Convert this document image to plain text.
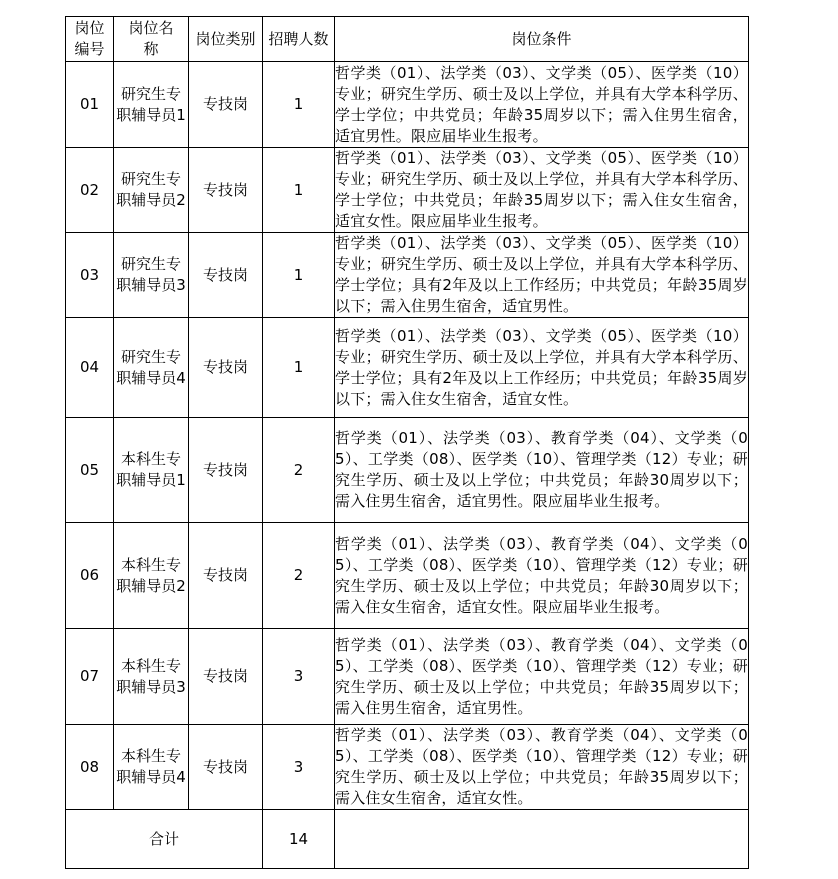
岗位编号	岗位名称	岗位类别	招聘人数	岗位条件
01	研究生专职辅导员1	专技岗	1	哲学类（01）、法学类（03）、文学类（05）、医学类（10）专业；研究生学历、硕士及以上学位，并具有大学本科学历、学士学位；中共党员；年龄35周岁以下；需入住男生宿舍，适宜男性。限应届毕业生报考。
02	研究生专职辅导员2	专技岗	1	哲学类（01）、法学类（03）、文学类（05）、医学类（10）专业；研究生学历、硕士及以上学位，并具有大学本科学历、学士学位；中共党员；年龄35周岁以下；需入住女生宿舍，适宜女性。限应届毕业生报考。
03	研究生专职辅导员3	专技岗	1	哲学类（01）、法学类（03）、文学类（05）、医学类（10）专业；研究生学历、硕士及以上学位，并具有大学本科学历、学士学位；具有2年及以上工作经历；中共党员；年龄35周岁以下；需入住男生宿舍，适宜男性。
04	研究生专职辅导员4	专技岗	1	哲学类（01）、法学类（03）、文学类（05）、医学类（10）专业；研究生学历、硕士及以上学位，并具有大学本科学历、学士学位；具有2年及以上工作经历；中共党员；年龄35周岁以下；需入住女生宿舍，适宜女性。
05	本科生专职辅导员1	专技岗	2	哲学类（01）、法学类（03）、教育学类（04）、文学类（05）、工学类（08）、医学类（10）、管理学类（12）专业；研究生学历、硕士及以上学位；中共党员；年龄30周岁以下；需入住男生宿舍，适宜男性。限应届毕业生报考。
06	本科生专职辅导员2	专技岗	2	哲学类（01）、法学类（03）、教育学类（04）、文学类（05）、工学类（08）、医学类（10）、管理学类（12）专业；研究生学历、硕士及以上学位；中共党员；年龄30周岁以下；需入住女生宿舍，适宜女性。限应届毕业生报考。
07	本科生专职辅导员3	专技岗	3	哲学类（01）、法学类（03）、教育学类（04）、文学类（05）、工学类（08）、医学类（10）、管理学类（12）专业；研究生学历、硕士及以上学位；中共党员；年龄35周岁以下；需入住男生宿舍，适宜男性。
08	本科生专职辅导员4	专技岗	3	哲学类（01）、法学类（03）、教育学类（04）、文学类（05）、工学类（08）、医学类（10）、管理学类（12）专业；研究生学历、硕士及以上学位；中共党员；年龄35周岁以下；需入住女生宿舍，适宜女性。
合计			14	
